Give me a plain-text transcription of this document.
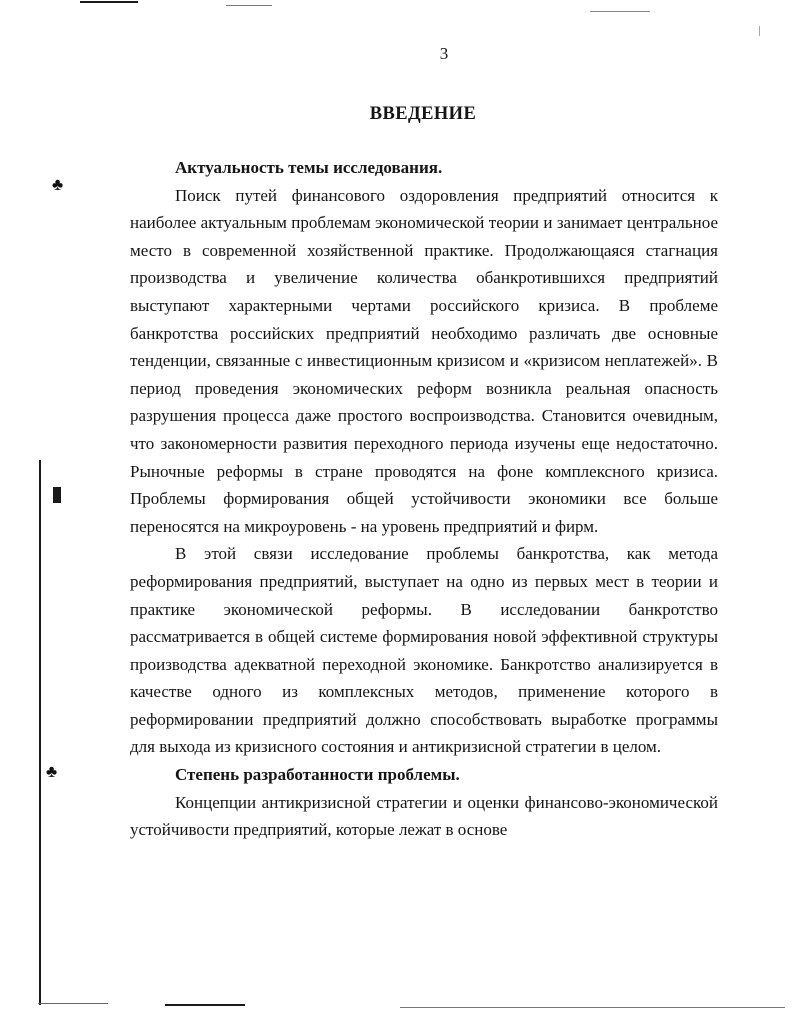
3
ВВЕДЕНИЕ

Актуальность темы исследования.

Поиск путей финансового оздоровления предприятий относится к наиболее актуальным проблемам экономической теории и занимает центральное место в современной хозяйственной практике. Продолжающаяся стагнация производства и увеличение количества обанкротившихся предприятий выступают характерными чертами российского кризиса. В проблеме банкротства российских предприятий необходимо различать две основные тенденции, связанные с инвестиционным кризисом и «кризисом неплатежей». В период проведения экономических реформ возникла реальная опасность разрушения процесса даже простого воспроизводства. Становится очевидным, что закономерности развития переходного периода изучены еще недостаточно. Рыночные реформы в стране проводятся на фоне комплексного кризиса. Проблемы формирования общей устойчивости экономики все больше переносятся на микроуровень - на уровень предприятий и фирм.

В этой связи исследование проблемы банкротства, как метода реформирования предприятий, выступает на одно из первых мест в теории и практике экономической реформы. В исследовании банкротство рассматривается в общей системе формирования новой эффективной структуры производства адекватной переходной экономике. Банкротство анализируется в качестве одного из комплексных методов, применение которого в реформировании предприятий должно способствовать выработке программы для выхода из кризисного состояния и антикризисной стратегии в целом.

Степень разработанности проблемы.

Концепции антикризисной стратегии и оценки финансово-экономической устойчивости предприятий, которые лежат в основе

♣
♣
